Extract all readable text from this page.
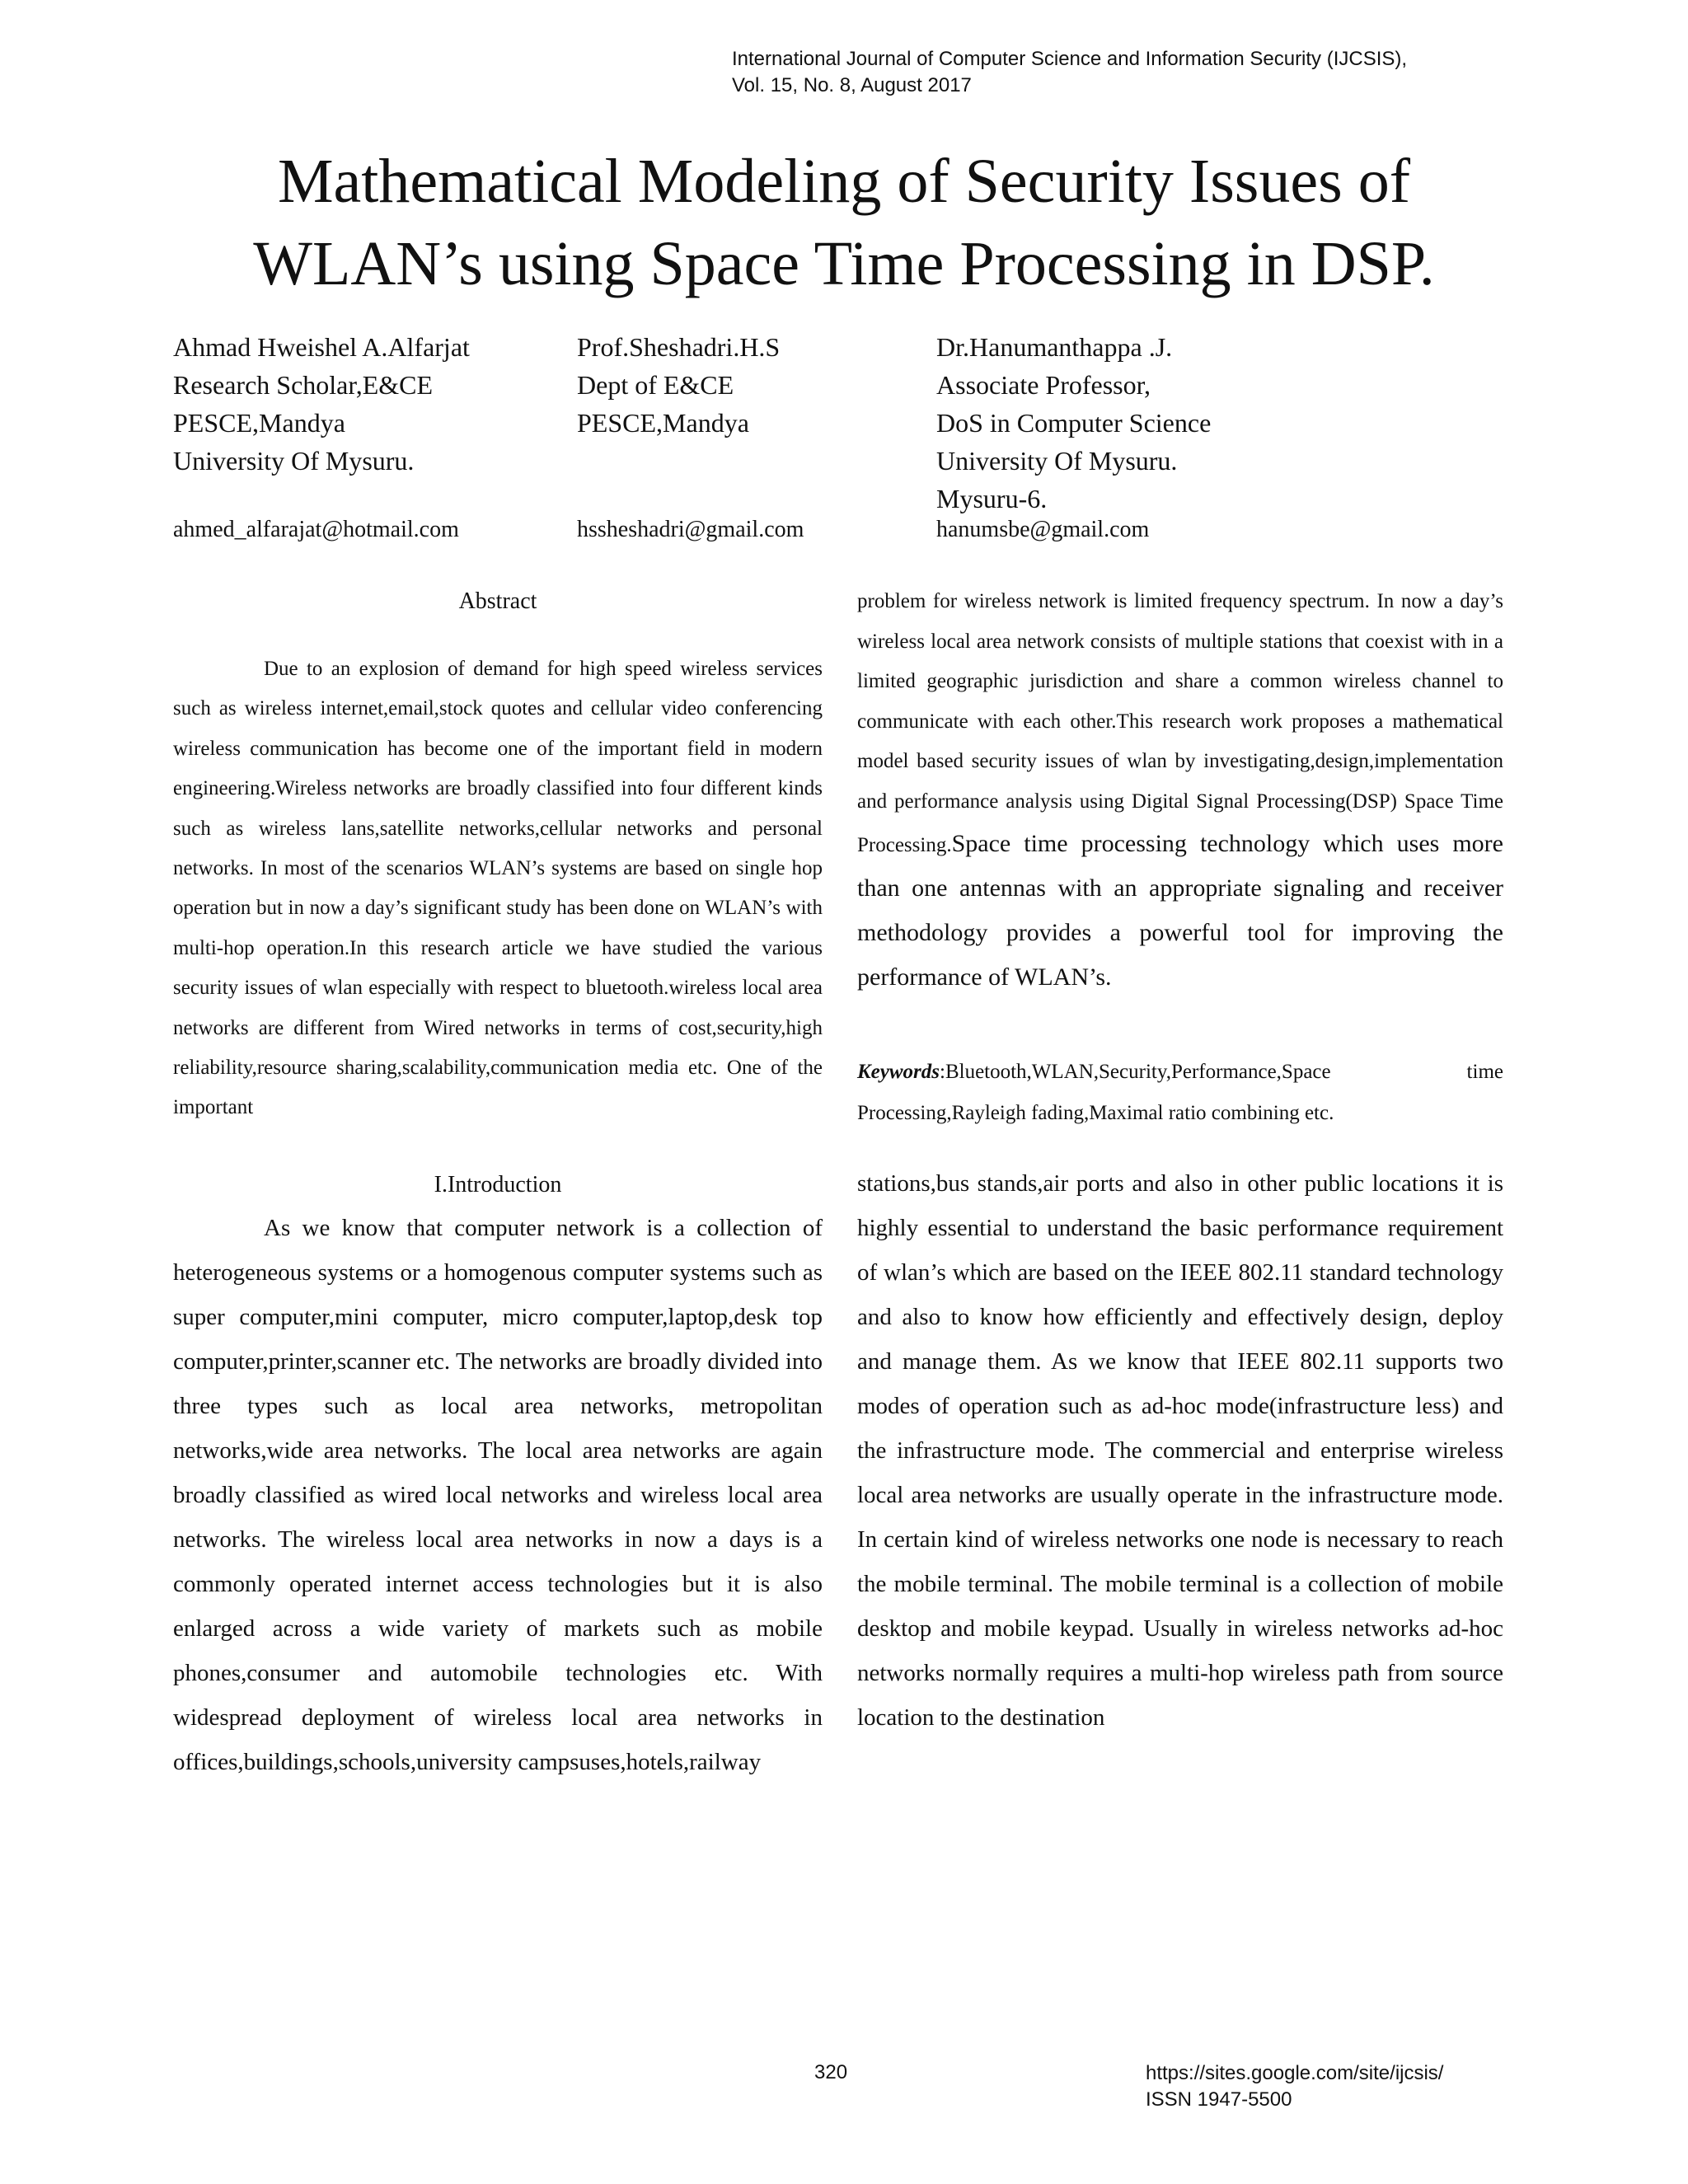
International Journal of Computer Science and Information Security (IJCSIS),
Vol. 15, No. 8, August 2017
Mathematical Modeling of Security Issues of
WLAN’s using Space Time Processing in DSP.
Ahmad Hweishel A.Alfarjat
Research Scholar,E&CE
PESCE,Mandya
University Of Mysuru.
ahmed_alfarajat@hotmail.com
Prof.Sheshadri.H.S
Dept of E&CE
PESCE,Mandya
hssheshadri@gmail.com
Dr.Hanumanthappa .J.
Associate Professor,
DoS in Computer Science
University Of Mysuru.
Mysuru-6.
hanumsbe@gmail.com
Abstract

Due to an explosion of demand for high speed wireless services such as wireless internet,email,stock quotes and cellular video conferencing wireless communication has become one of the important field in modern engineering.Wireless networks are broadly classified into four different kinds such as wireless lans,satellite networks,cellular networks and personal networks. In most of the scenarios WLAN’s systems are based on single hop operation but in now a day’s significant study has been done on WLAN’s with multi-hop operation.In this research article we have studied the various security issues of wlan especially with respect to bluetooth.wireless local area networks are different from Wired networks in terms of cost,security,high reliability,resource sharing,scalability,communication media etc. One of the important

problem for wireless network is limited frequency spectrum. In now a day’s wireless local area network consists of multiple stations that coexist with in a limited geographic jurisdiction and share a common wireless channel to communicate with each other.This research work proposes a mathematical model based security issues of wlan by investigating,design,implementation and performance analysis using Digital Signal Processing(DSP) Space Time Processing.Space time processing technology which uses more than one antennas with an appropriate signaling and receiver methodology provides a powerful tool for improving the performance of WLAN’s.
Keywords:Bluetooth,WLAN,Security,Performance,Space time Processing,Rayleigh fading,Maximal ratio combining etc.
I.Introduction

As we know that computer network is a collection of heterogeneous systems or a homogenous computer systems such as super computer,mini computer, micro computer,laptop,desk top computer,printer,scanner etc. The networks are broadly divided into three types such as local area networks, metropolitan networks,wide area networks. The local area networks are again broadly classified as wired local networks and wireless local area networks. The wireless local area networks in now a days is a commonly operated internet access technologies but it is also enlarged across a wide variety of markets such as mobile phones,consumer and automobile technologies etc. With widespread deployment of wireless local area networks in offices,buildings,schools,university campsuses,hotels,railway

stations,bus stands,air ports and also in other public locations it is highly essential to understand the basic performance requirement of wlan’s which are based on the IEEE 802.11 standard technology and also to know how efficiently and effectively design, deploy and manage them. As we know that IEEE 802.11 supports two modes of operation such as ad-hoc mode(infrastructure less) and the infrastructure mode. The commercial and enterprise wireless local area networks are usually operate in the infrastructure mode. In certain kind of wireless networks one node is necessary to reach the mobile terminal. The mobile terminal is a collection of mobile desktop and mobile keypad. Usually in wireless networks ad-hoc networks normally requires a multi-hop wireless path from source location to the destination

320	https://sites.google.com/site/ijcsis/
ISSN 1947-5500
